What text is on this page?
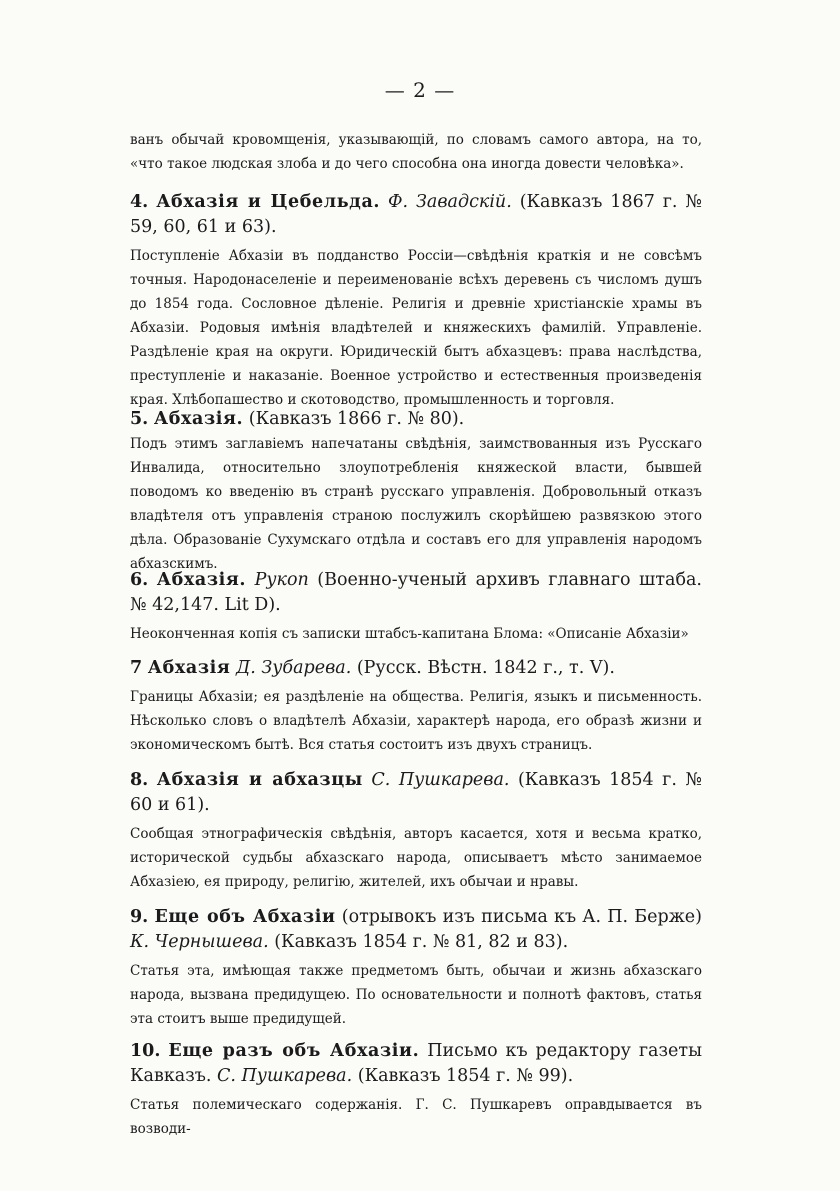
— 2 —
ванъ обычай кровомщенія, указывающій, по словамъ самого автора, на то, «что такое людская злоба и до чего способна она иногда довести человѣка».

4. Абхазія и Цебельда. Ф. Завадскій. (Кавказъ 1867 г. № 59, 60, 61 и 63).

Поступленіе Абхазіи въ подданство Россіи—свѣдѣнія краткія и не совсѣмъ точныя. Народонаселеніе и переименованіе всѣхъ деревень съ числомъ душъ до 1854 года. Сословное дѣленіе. Религія и древніе христіанскіе храмы въ Абхазіи. Родовыя имѣнія владѣтелей и княжескихъ фамилій. Управленіе. Раздѣленіе края на округи. Юридическій бытъ абхазцевъ: права наслѣдства, преступленіе и наказаніе. Военное устройство и естественныя произведенія края. Хлѣбопашество и скотоводство, промышленность и торговля.

5. Абхазія. (Кавказъ 1866 г. № 80).

Подъ этимъ заглавіемъ напечатаны свѣдѣнія, заимствованныя изъ Русскаго Инвалида, относительно злоупотребленія княжеской власти, бывшей поводомъ ко введенію въ странѣ русскаго управленія. Добровольный отказъ владѣтеля отъ управленія страною послужилъ скорѣйшею развязкою этого дѣла. Образованіе Сухумскаго отдѣла и составъ его для управленія народомъ абхазскимъ.

6. Абхазія. Рукоп (Военно-ученый архивъ главнаго штаба. № 42,147. Lit D).

Неоконченная копія съ записки штабсъ-капитана Блома: «Описаніе Абхазіи»

7 Абхазія Д. Зубарева. (Русск. Вѣстн. 1842 г., т. V).

Границы Абхазіи; ея раздѣленіе на общества. Религія, языкъ и письменность. Нѣсколько словъ о владѣтелѣ Абхазіи, характерѣ народа, его образѣ жизни и экономическомъ бытѣ. Вся статья состоитъ изъ двухъ страницъ.

8. Абхазія и абхазцы С. Пушкарева. (Кавказъ 1854 г. № 60 и 61).

Сообщая этнографическія свѣдѣнія, авторъ касается, хотя и весьма кратко, исторической судьбы абхазскаго народа, описываетъ мѣсто занимаемое Абхазіею, ея природу, религію, жителей, ихъ обычаи и нравы.

9. Еще объ Абхазіи (отрывокъ изъ письма къ А. П. Берже) К. Чернышева. (Кавказъ 1854 г. № 81, 82 и 83).

Статья эта, имѣющая также предметомъ быть, обычаи и жизнь абхазскаго народа, вызвана предидущею. По основательности и полнотѣ фактовъ, статья эта стоитъ выше предидущей.

10. Еще разъ объ Абхазіи. Письмо къ редактору газеты Кавказъ. С. Пушкарева. (Кавказъ 1854 г. № 99).

Статья полемическаго содержанія. Г. С. Пушкаревъ оправдывается въ возводи-
